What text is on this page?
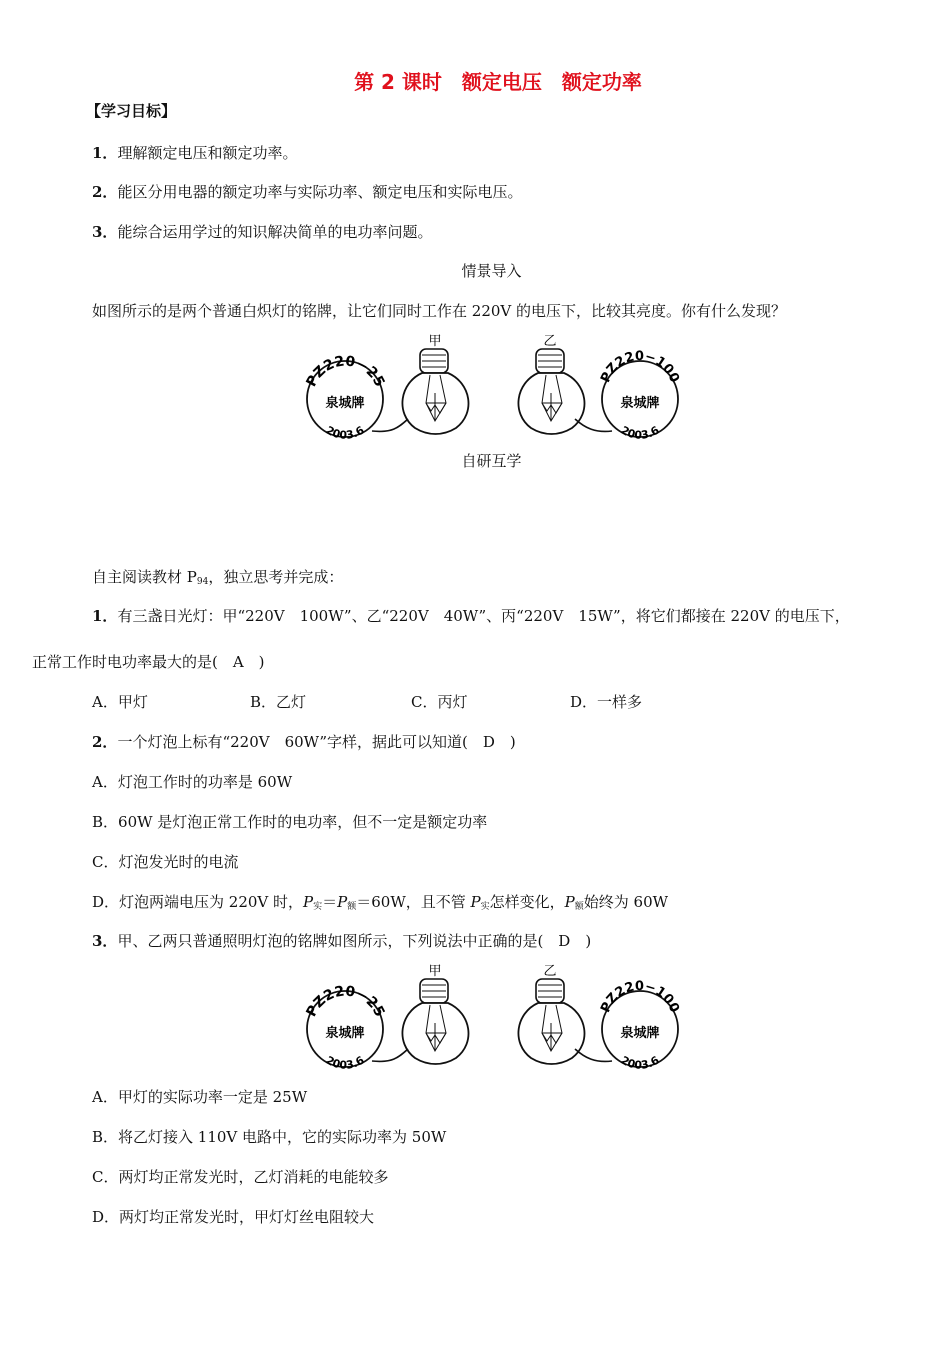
第 2 课时　额定电压　额定功率
【学习目标】
1．理解额定电压和额定功率。
2．能区分用电器的额定功率与实际功率、额定电压和实际电压。
3．能综合运用学过的知识解决简单的电功率问题。
情景导入
如图所示的是两个普通白炽灯的铭牌，让它们同时工作在 220V 的电压下，比较其亮度。你有什么发现？
甲
PZ220−25
泉城牌
2003.6
乙
PZ220−100
泉城牌
2003.6
自研互学
自主阅读教材 $P_{94}$，独立思考并完成：
1．有三盏日光灯：甲“220V　100W”、乙“220V　40W”、丙“220V　15W”，将它们都接在 220V 的电压下，
正常工作时电功率最大的是(　A　)
A．甲灯	B．乙灯	C．丙灯	D．一样多
2．一个灯泡上标有“220V　60W”字样，据此可以知道(　D　)
A．灯泡工作时的功率是 60W
B．60W 是灯泡正常工作时的电功率，但不一定是额定功率
C．灯泡发光时的电流
D．灯泡两端电压为 220V 时，$P_实=P_额=60W$，且不管 $P_实$怎样变化，$P_额$始终为 60W
3．甲、乙两只普通照明灯泡的铭牌如图所示，下列说法中正确的是(　D　)
甲
PZ220−25
泉城牌
2003.6
乙
PZ220−100
泉城牌
2003.6
A．甲灯的实际功率一定是 25W
B．将乙灯接入 110V 电路中，它的实际功率为 50W
C．两灯均正常发光时，乙灯消耗的电能较多
D．两灯均正常发光时，甲灯灯丝电阻较大
